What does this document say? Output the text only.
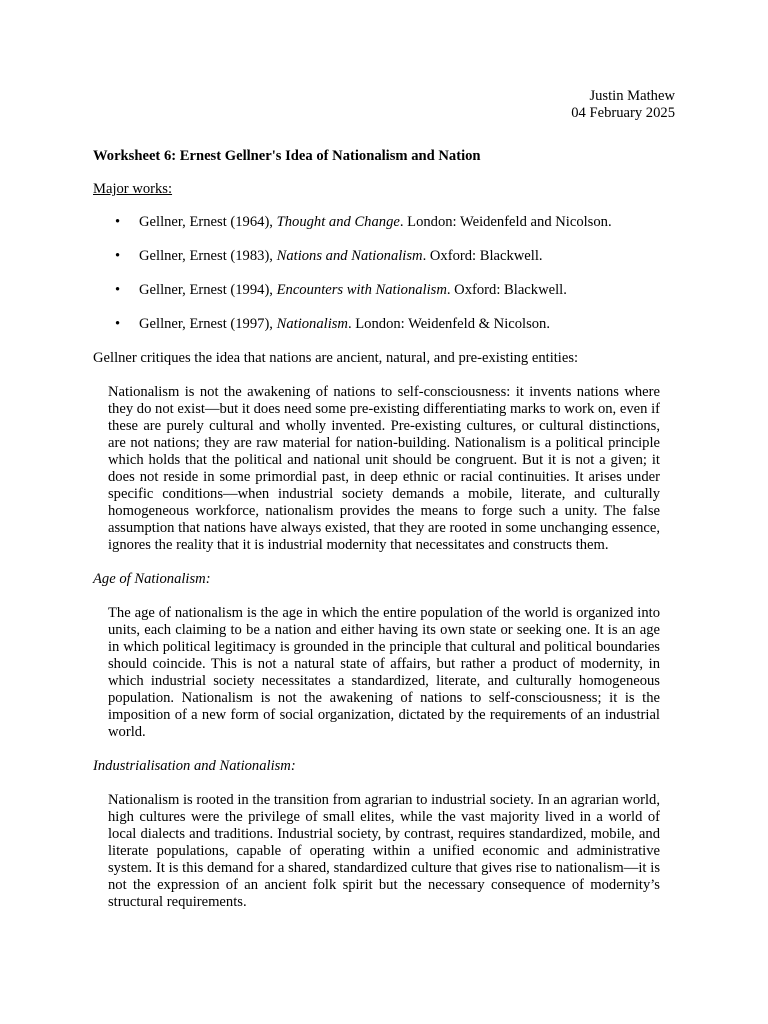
Justin Mathew
04 February 2025
Worksheet 6: Ernest Gellner's Idea of Nationalism and Nation
Major works:
• Gellner, Ernest (1964), Thought and Change. London: Weidenfeld and Nicolson.
• Gellner, Ernest (1983), Nations and Nationalism. Oxford: Blackwell.
• Gellner, Ernest (1994), Encounters with Nationalism. Oxford: Blackwell.
• Gellner, Ernest (1997), Nationalism. London: Weidenfeld & Nicolson.
Gellner critiques the idea that nations are ancient, natural, and pre-existing entities:
Nationalism is not the awakening of nations to self-consciousness: it invents nations where they do not exist—but it does need some pre-existing differentiating marks to work on, even if these are purely cultural and wholly invented. Pre-existing cultures, or cultural distinctions, are not nations; they are raw material for nation-building. Nationalism is a political principle which holds that the political and national unit should be congruent. But it is not a given; it does not reside in some primordial past, in deep ethnic or racial continuities. It arises under specific conditions—when industrial society demands a mobile, literate, and culturally homogeneous workforce, nationalism provides the means to forge such a unity. The false assumption that nations have always existed, that they are rooted in some unchanging essence, ignores the reality that it is industrial modernity that necessitates and constructs them.
Age of Nationalism:
The age of nationalism is the age in which the entire population of the world is organized into units, each claiming to be a nation and either having its own state or seeking one. It is an age in which political legitimacy is grounded in the principle that cultural and political boundaries should coincide. This is not a natural state of affairs, but rather a product of modernity, in which industrial society necessitates a standardized, literate, and culturally homogeneous population. Nationalism is not the awakening of nations to self-consciousness; it is the imposition of a new form of social organization, dictated by the requirements of an industrial world.
Industrialisation and Nationalism:
Nationalism is rooted in the transition from agrarian to industrial society. In an agrarian world, high cultures were the privilege of small elites, while the vast majority lived in a world of local dialects and traditions. Industrial society, by contrast, requires standardized, mobile, and literate populations, capable of operating within a unified economic and administrative system. It is this demand for a shared, standardized culture that gives rise to nationalism—it is not the expression of an ancient folk spirit but the necessary consequence of modernity’s structural requirements.
